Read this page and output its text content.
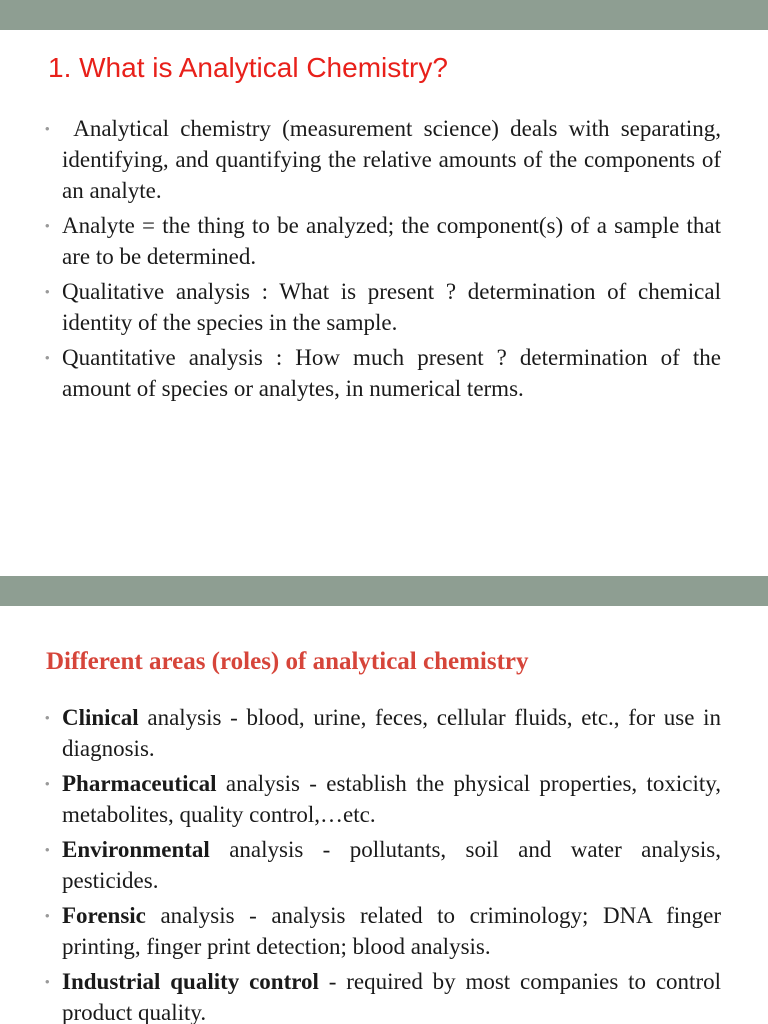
1. What is Analytical Chemistry?
• Analytical chemistry (measurement science) deals with separating, identifying, and quantifying the relative amounts of the components of an analyte.
• Analyte = the thing to be analyzed; the component(s) of a sample that are to be determined.
• Qualitative analysis : What is present ? determination of chemical identity of the species in the sample.
• Quantitative analysis : How much present ? determination of the amount of species or analytes, in numerical terms.
Different areas (roles) of analytical chemistry
• Clinical analysis - blood, urine, feces, cellular fluids, etc., for use in diagnosis.
• Pharmaceutical analysis - establish the physical properties, toxicity, metabolites, quality control,…etc.
• Environmental analysis - pollutants, soil and water analysis, pesticides.
• Forensic analysis - analysis related to criminology; DNA finger printing, finger print detection; blood analysis.
• Industrial quality control - required by most companies to control product quality.
